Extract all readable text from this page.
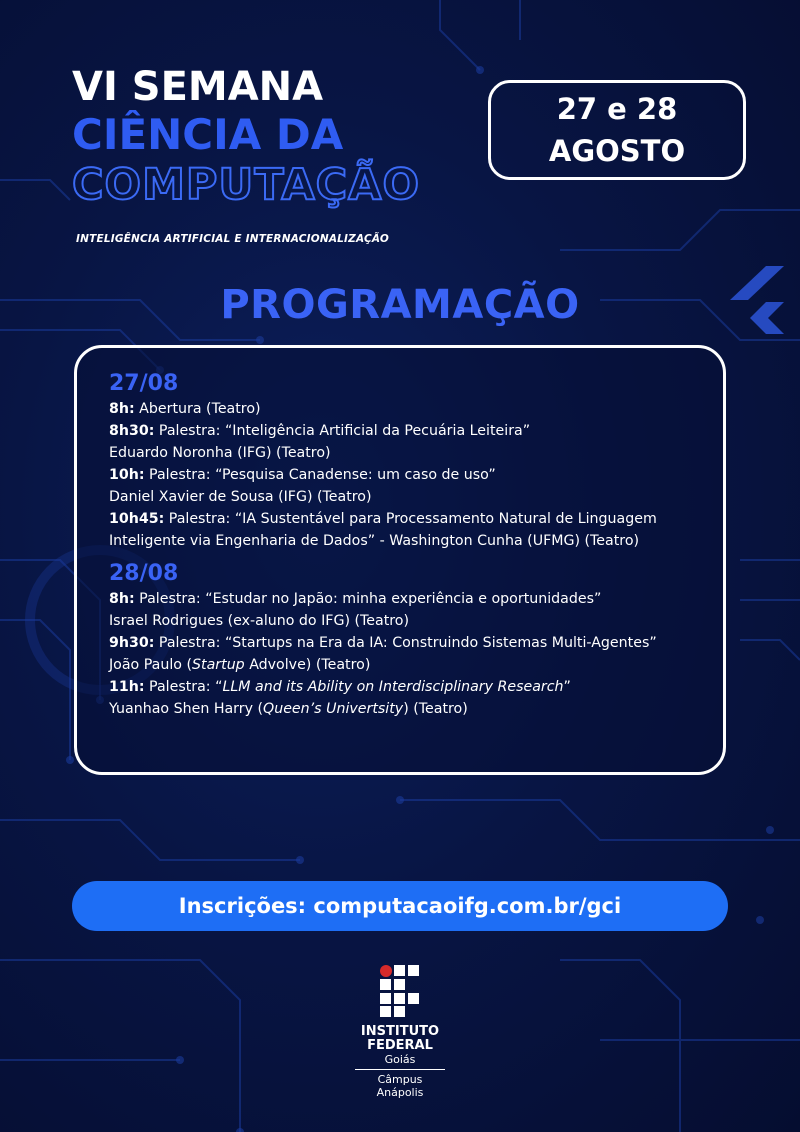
VI SEMANA
CIÊNCIA DA
COMPUTAÇÃO
INTELIGÊNCIA ARTIFICIAL E INTERNACIONALIZAÇÃO
27 e 28
AGOSTO
PROGRAMAÇÃO
27/08
8h: Abertura (Teatro)
8h30: Palestra: “Inteligência Artificial da Pecuária Leiteira”
Eduardo Noronha (IFG) (Teatro)
10h: Palestra: “Pesquisa Canadense: um caso de uso”
Daniel Xavier de Sousa (IFG) (Teatro)
10h45: Palestra: “IA Sustentável para Processamento Natural de Linguagem
Inteligente via Engenharia de Dados” - Washington Cunha (UFMG) (Teatro)
28/08
8h: Palestra: “Estudar no Japão: minha experiência e oportunidades”
Israel Rodrigues (ex-aluno do IFG) (Teatro)
9h30: Palestra: “Startups na Era da IA: Construindo Sistemas Multi-Agentes”
João Paulo (Startup Advolve) (Teatro)
11h: Palestra: “LLM and its Ability on Interdisciplinary Research”
Yuanhao Shen Harry (Queen’s Univertsity) (Teatro)
Inscrições: computacaoifg.com.br/gci
INSTITUTO
FEDERAL
Goiás
Câmpus
Anápolis
